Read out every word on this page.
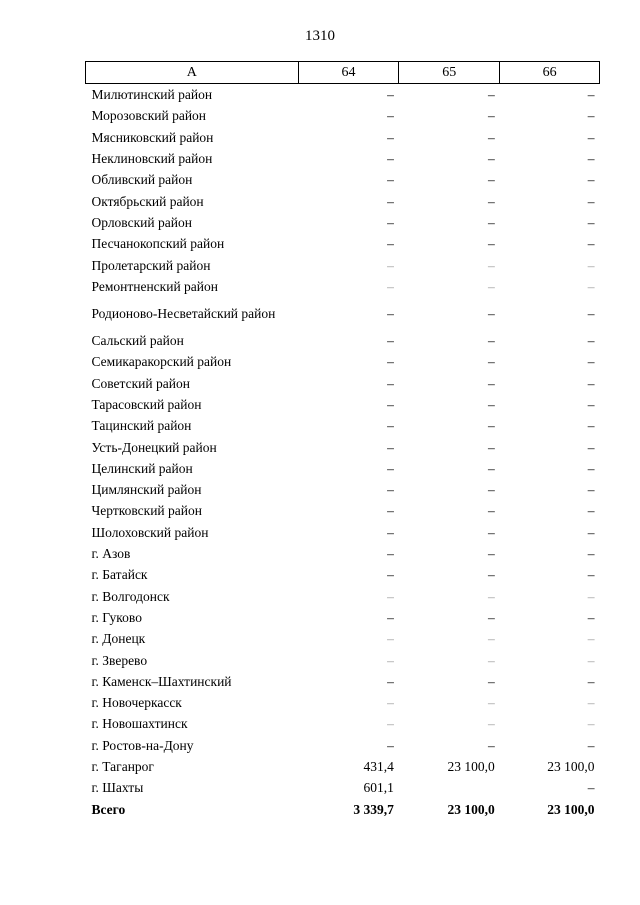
1310
А	64	65	66
Милютинский район	–	–	–
Морозовский район	–	–	–
Мясниковский район	–	–	–
Неклиновский район	–	–	–
Обливский район	–	–	–
Октябрьский район	–	–	–
Орловский район	–	–	–
Песчанокопский район	–	–	–
Пролетарский район	–	–	–
Ремонтненский район	–	–	–
Родионово-Несветайский район	–	–	–
Сальский район	–	–	–
Семикаракорский район	–	–	–
Советский район	–	–	–
Тарасовский район	–	–	–
Тацинский район	–	–	–
Усть-Донецкий район	–	–	–
Целинский район	–	–	–
Цимлянский район	–	–	–
Чертковский район	–	–	–
Шолоховский район	–	–	–
г. Азов	–	–	–
г. Батайск	–	–	–
г. Волгодонск	–	–	–
г. Гуково	–	–	–
г. Донецк	–	–	–
г. Зверево	–	–	–
г. Каменск–Шахтинский	–	–	–
г. Новочеркасск	–	–	–
г. Новошахтинск	–	–	–
г. Ростов-на-Дону	–	–	–
г. Таганрог	431,4	23 100,0	23 100,0
г. Шахты	601,1		–
Всего	3 339,7	23 100,0	23 100,0
